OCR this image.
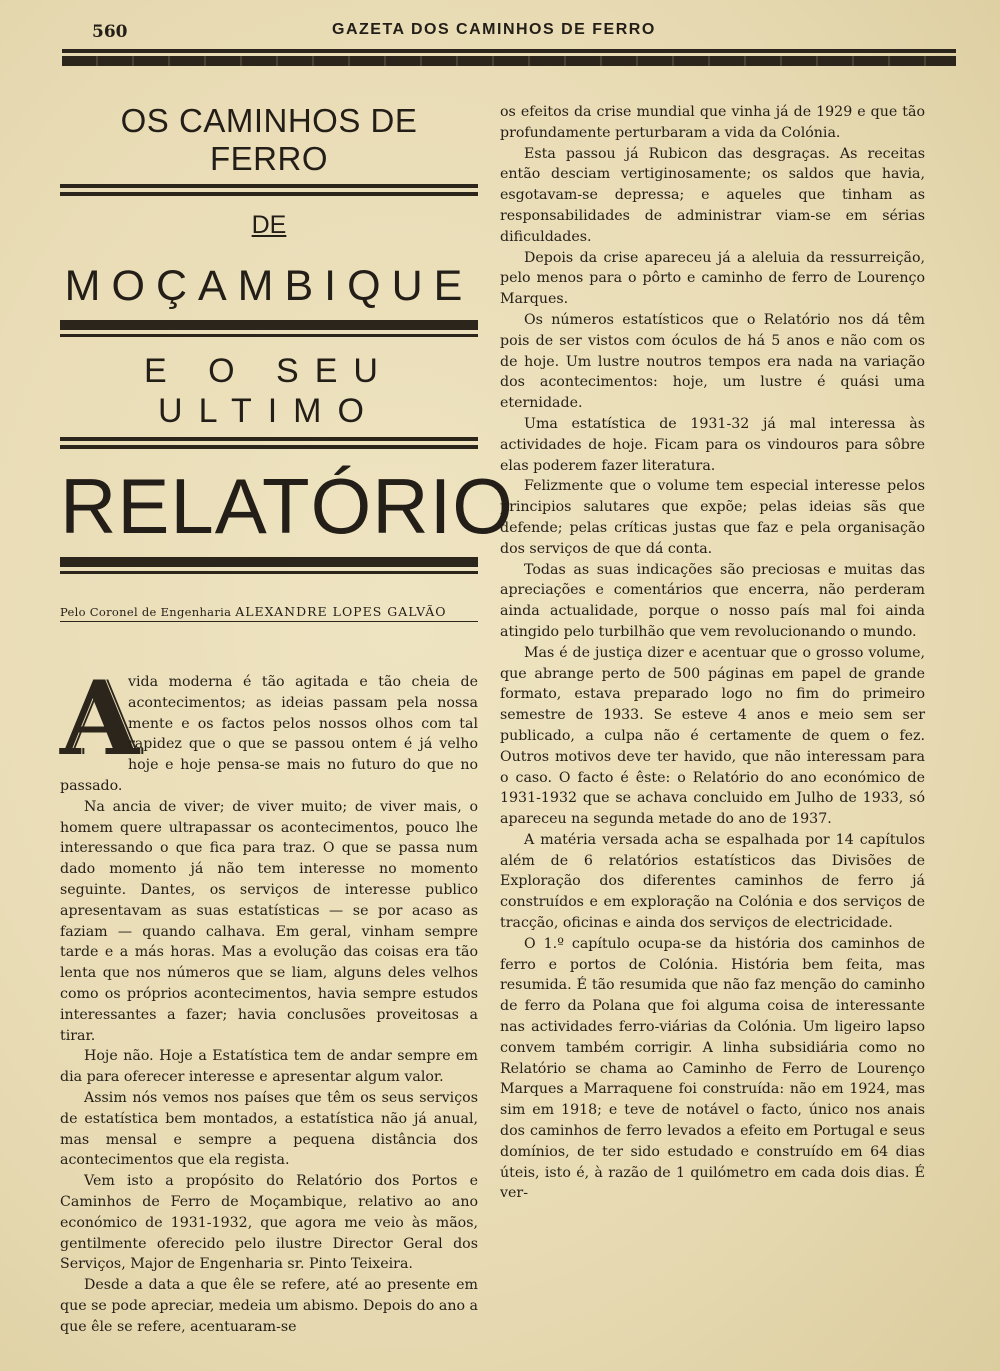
560	GAZETA DOS CAMINHOS DE FERRO
OS CAMINHOS DE FERRO
DE
MOÇAMBIQUE
E O SEU ULTIMO
RELATÓRIO
Pelo Coronel de Engenharia ALEXANDRE LOPES GALVÃO

A
vida moderna é tão agitada e tão cheia de acontecimentos; as ideias passam pela nossa mente e os factos pelos nossos olhos com tal rapidez que o que se passou ontem é já velho hoje e hoje pensa-se mais no futuro do que no passado.

Na ancia de viver; de viver muito; de viver mais, o homem quere ultrapassar os acontecimentos, pouco lhe interessando o que fica para traz. O que se passa num dado momento já não tem interesse no momento seguinte. Dantes, os serviços de interesse publico apresentavam as suas estatísticas — se por acaso as faziam — quando calhava. Em geral, vinham sempre tarde e a más horas. Mas a evolução das coisas era tão lenta que nos números que se liam, alguns deles velhos como os próprios acontecimentos, havia sempre estudos interessantes a fazer; havia conclusões proveitosas a tirar.

Hoje não. Hoje a Estatística tem de andar sempre em dia para oferecer interesse e apresentar algum valor.

Assim nós vemos nos países que têm os seus serviços de estatística bem montados, a estatística não já anual, mas mensal e sempre a pequena distância dos acontecimentos que ela regista.

Vem isto a propósito do Relatório dos Portos e Caminhos de Ferro de Moçambique, relativo ao ano económico de 1931-1932, que agora me veio às mãos, gentilmente oferecido pelo ilustre Director Geral dos Serviços, Major de Engenharia sr. Pinto Teixeira.

Desde a data a que êle se refere, até ao presente em que se pode apreciar, medeia um abismo. Depois do ano a que êle se refere, acentuaram-se

os efeitos da crise mundial que vinha já de 1929 e que tão profundamente perturbaram a vida da Colónia.

Esta passou já Rubicon das desgraças. As receitas então desciam vertiginosamente; os saldos que havia, esgotavam-se depressa; e aqueles que tinham as responsabilidades de administrar viam-se em sérias dificuldades.

Depois da crise apareceu já a aleluia da ressurreição, pelo menos para o pôrto e caminho de ferro de Lourenço Marques.

Os números estatísticos que o Relatório nos dá têm pois de ser vistos com óculos de há 5 anos e não com os de hoje. Um lustre noutros tempos era nada na variação dos acontecimentos: hoje, um lustre é quási uma eternidade.

Uma estatística de 1931-32 já mal interessa às actividades de hoje. Ficam para os vindouros para sôbre elas poderem fazer literatura.

Felizmente que o volume tem especial interesse pelos principios salutares que expõe; pelas ideias sãs que defende; pelas críticas justas que faz e pela organisação dos serviços de que dá conta.

Todas as suas indicações são preciosas e muitas das apreciações e comentários que encerra, não perderam ainda actualidade, porque o nosso país mal foi ainda atingido pelo turbilhão que vem revolucionando o mundo.

Mas é de justiça dizer e acentuar que o grosso volume, que abrange perto de 500 páginas em papel de grande formato, estava preparado logo no fim do primeiro semestre de 1933. Se esteve 4 anos e meio sem ser publicado, a culpa não é certamente de quem o fez. Outros motivos deve ter havido, que não interessam para o caso. O facto é êste: o Relatório do ano económico de 1931-1932 que se achava concluido em Julho de 1933, só apareceu na segunda metade do ano de 1937.

A matéria versada acha se espalhada por 14 capítulos além de 6 relatórios estatísticos das Divisões de Exploração dos diferentes caminhos de ferro já construídos e em exploração na Colónia e dos serviços de tracção, oficinas e ainda dos serviços de electricidade.

O 1.º capítulo ocupa-se da história dos caminhos de ferro e portos de Colónia. História bem feita, mas resumida. É tão resumida que não faz menção do caminho de ferro da Polana que foi alguma coisa de interessante nas actividades ferro-viárias da Colónia. Um ligeiro lapso convem também corrigir. A linha subsidiária como no Relatório se chama ao Caminho de Ferro de Lourenço Marques a Marraquene foi construída: não em 1924, mas sim em 1918; e teve de notável o facto, único nos anais dos caminhos de ferro levados a efeito em Portugal e seus domínios, de ter sido estudado e construído em 64 dias úteis, isto é, à razão de 1 quilómetro em cada dois dias. É ver-
